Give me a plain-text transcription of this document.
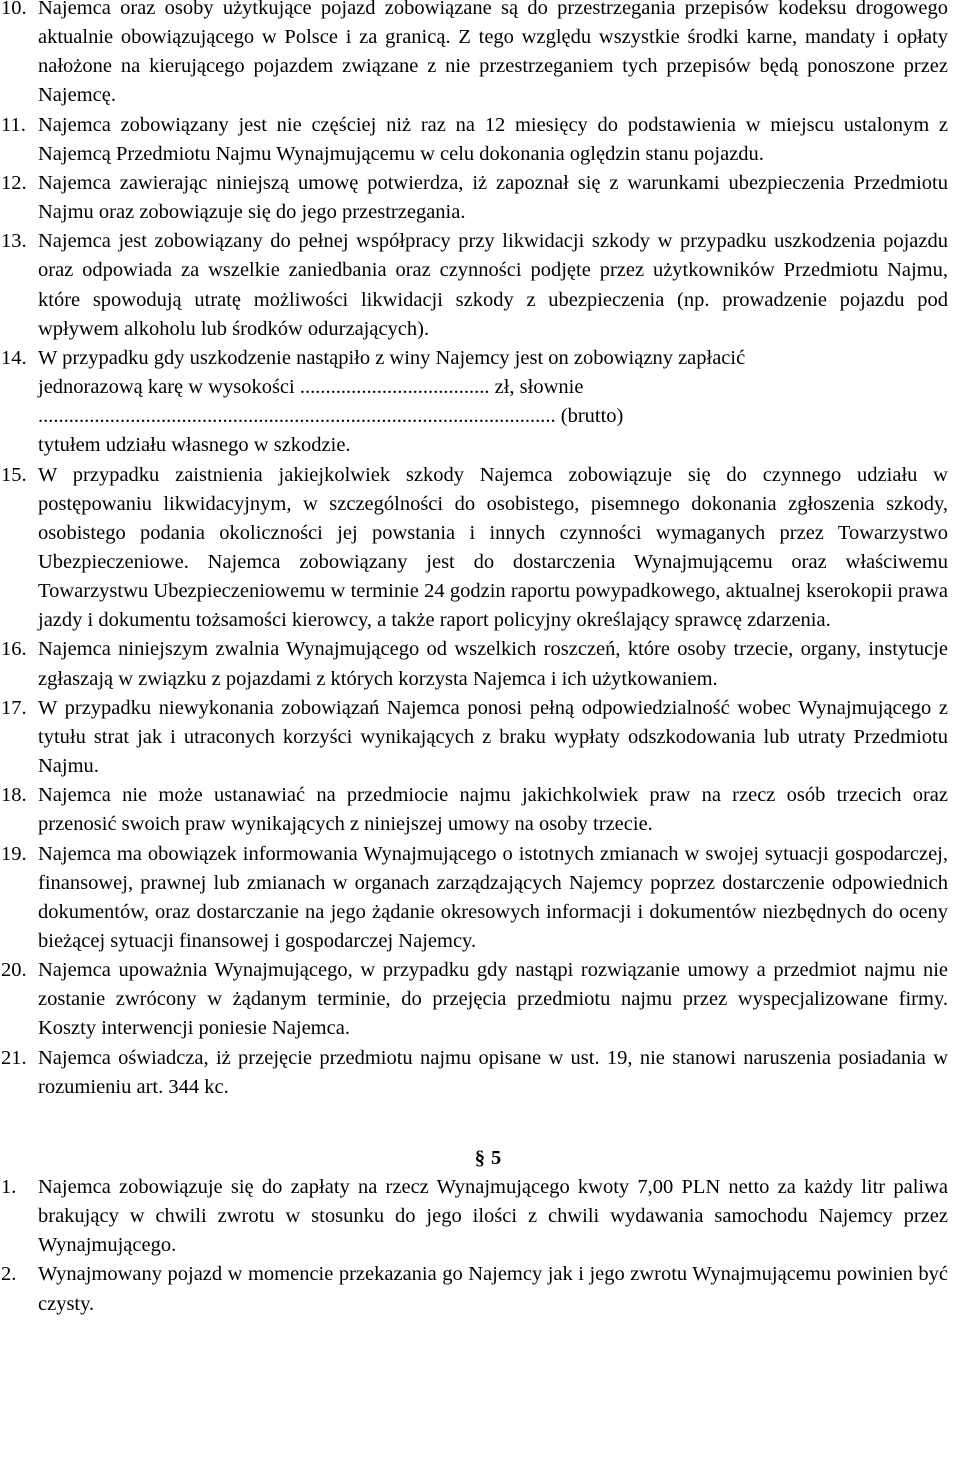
10. Najemca oraz osoby użytkujące pojazd zobowiązane są do przestrzegania przepisów kodeksu drogowego aktualnie obowiązującego w Polsce i za granicą. Z tego względu wszystkie środki karne, mandaty i opłaty nałożone na kierującego pojazdem związane z nie przestrzeganiem tych przepisów będą ponoszone przez Najemcę.
11. Najemca zobowiązany jest nie częściej niż raz na 12 miesięcy do podstawienia w miejscu ustalonym z Najemcą Przedmiotu Najmu Wynajmującemu w celu dokonania oględzin stanu pojazdu.
12. Najemca zawierając niniejszą umowę potwierdza, iż zapoznał się z warunkami ubezpieczenia Przedmiotu Najmu oraz zobowiązuje się do jego przestrzegania.
13. Najemca jest zobowiązany do pełnej współpracy przy likwidacji szkody w przypadku uszkodzenia pojazdu oraz odpowiada za wszelkie zaniedbania oraz czynności podjęte przez użytkowników Przedmiotu Najmu, które spowodują utratę możliwości likwidacji szkody z ubezpieczenia (np. prowadzenie pojazdu pod wpływem alkoholu lub środków odurzających).
14. W przypadku gdy uszkodzenie nastąpiło z winy Najemcy jest on zobowiązny zapłacić
jednorazową karę w wysokości ..................................... zł, słownie
..................................................................................................... (brutto)
tytułem udziału własnego w szkodzie.
15. W przypadku zaistnienia jakiejkolwiek szkody Najemca zobowiązuje się do czynnego udziału w postępowaniu likwidacyjnym, w szczególności do osobistego, pisemnego dokonania zgłoszenia szkody, osobistego podania okoliczności jej powstania i innych czynności wymaganych przez Towarzystwo Ubezpieczeniowe. Najemca zobowiązany jest do dostarczenia Wynajmującemu oraz właściwemu Towarzystwu Ubezpieczeniowemu w terminie 24 godzin raportu powypadkowego, aktualnej kserokopii prawa jazdy i dokumentu tożsamości kierowcy, a także raport policyjny określający sprawcę zdarzenia.
16. Najemca niniejszym zwalnia Wynajmującego od wszelkich roszczeń, które osoby trzecie, organy, instytucje zgłaszają w związku z pojazdami z których korzysta Najemca i ich użytkowaniem.
17. W przypadku niewykonania zobowiązań Najemca ponosi pełną odpowiedzialność wobec Wynajmującego z tytułu strat jak i utraconych korzyści wynikających z braku wypłaty odszkodowania lub utraty Przedmiotu Najmu.
18. Najemca nie może ustanawiać na przedmiocie najmu jakichkolwiek praw na rzecz osób trzecich oraz przenosić swoich praw wynikających z niniejszej umowy na osoby trzecie.
19. Najemca ma obowiązek informowania Wynajmującego o istotnych zmianach w swojej sytuacji gospodarczej, finansowej, prawnej lub zmianach w organach zarządzających Najemcy poprzez dostarczenie odpowiednich dokumentów, oraz dostarczanie na jego żądanie okresowych informacji i dokumentów niezbędnych do oceny bieżącej sytuacji finansowej i gospodarczej Najemcy.
20. Najemca upoważnia Wynajmującego, w przypadku gdy nastąpi rozwiązanie umowy a przedmiot najmu nie zostanie zwrócony w żądanym terminie, do przejęcia przedmiotu najmu przez wyspecjalizowane firmy. Koszty interwencji poniesie Najemca.
21. Najemca oświadcza, iż przejęcie przedmiotu najmu opisane w ust. 19, nie stanowi naruszenia posiadania w rozumieniu art. 344 kc.
§ 5
1. Najemca zobowiązuje się do zapłaty na rzecz Wynajmującego kwoty 7,00 PLN netto za każdy litr paliwa brakujący w chwili zwrotu w stosunku do jego ilości z chwili wydawania samochodu Najemcy przez Wynajmującego.
2. Wynajmowany pojazd w momencie przekazania go Najemcy jak i jego zwrotu Wynajmującemu powinien być czysty.
